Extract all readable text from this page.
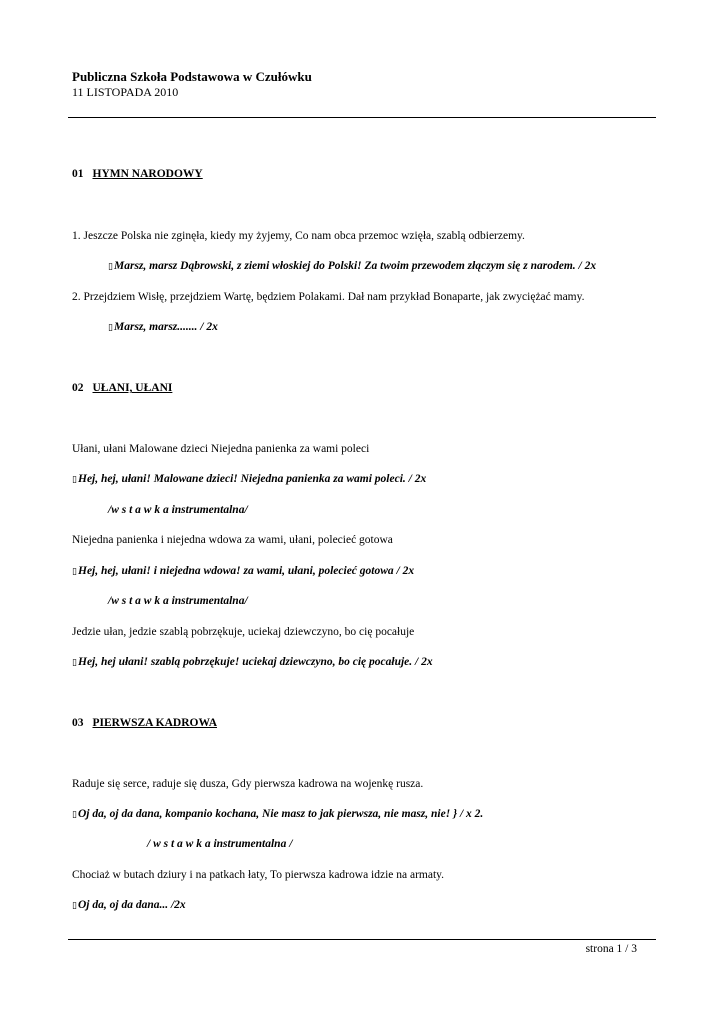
Publiczna Szkoła Podstawowa w Czułówku
11 LISTOPADA 2010
01 HYMN NARODOWY
1. Jeszcze Polska nie zginęła, kiedy my żyjemy, Co nam obca przemoc wzięła, szablą odbierzemy.
▯Marsz, marsz Dąbrowski, z ziemi włoskiej do Polski! Za twoim przewodem złączym się z narodem. / 2x
2. Przejdziem Wisłę, przejdziem Wartę, będziem Polakami. Dał nam przykład Bonaparte, jak zwyciężać mamy.
▯Marsz, marsz....... / 2x
02 UŁANI, UŁANI
Ułani, ułani Malowane dzieci Niejedna panienka za wami poleci
▯Hej, hej, ułani! Malowane dzieci! Niejedna panienka za wami poleci. / 2x
/w s t a w k a instrumentalna/
Niejedna panienka i niejedna wdowa za wami, ułani, polecieć gotowa
▯Hej, hej, ułani! i niejedna wdowa! za wami, ułani, polecieć gotowa / 2x
/w s t a w k a instrumentalna/
Jedzie ułan, jedzie szablą pobrzękuje, uciekaj dziewczyno, bo cię pocałuje
▯Hej, hej ułani! szablą pobrzękuje! uciekaj dziewczyno, bo cię pocałuje. / 2x
03 PIERWSZA KADROWA
Raduje się serce, raduje się dusza, Gdy pierwsza kadrowa na wojenkę rusza.
▯Oj da, oj da dana, kompanio kochana, Nie masz to jak pierwsza, nie masz, nie! } / x 2.
/ w s t a w k a instrumentalna /
Chociaż w butach dziury i na patkach łaty, To pierwsza kadrowa idzie na armaty.
▯Oj da, oj da dana... /2x
strona 1 / 3
